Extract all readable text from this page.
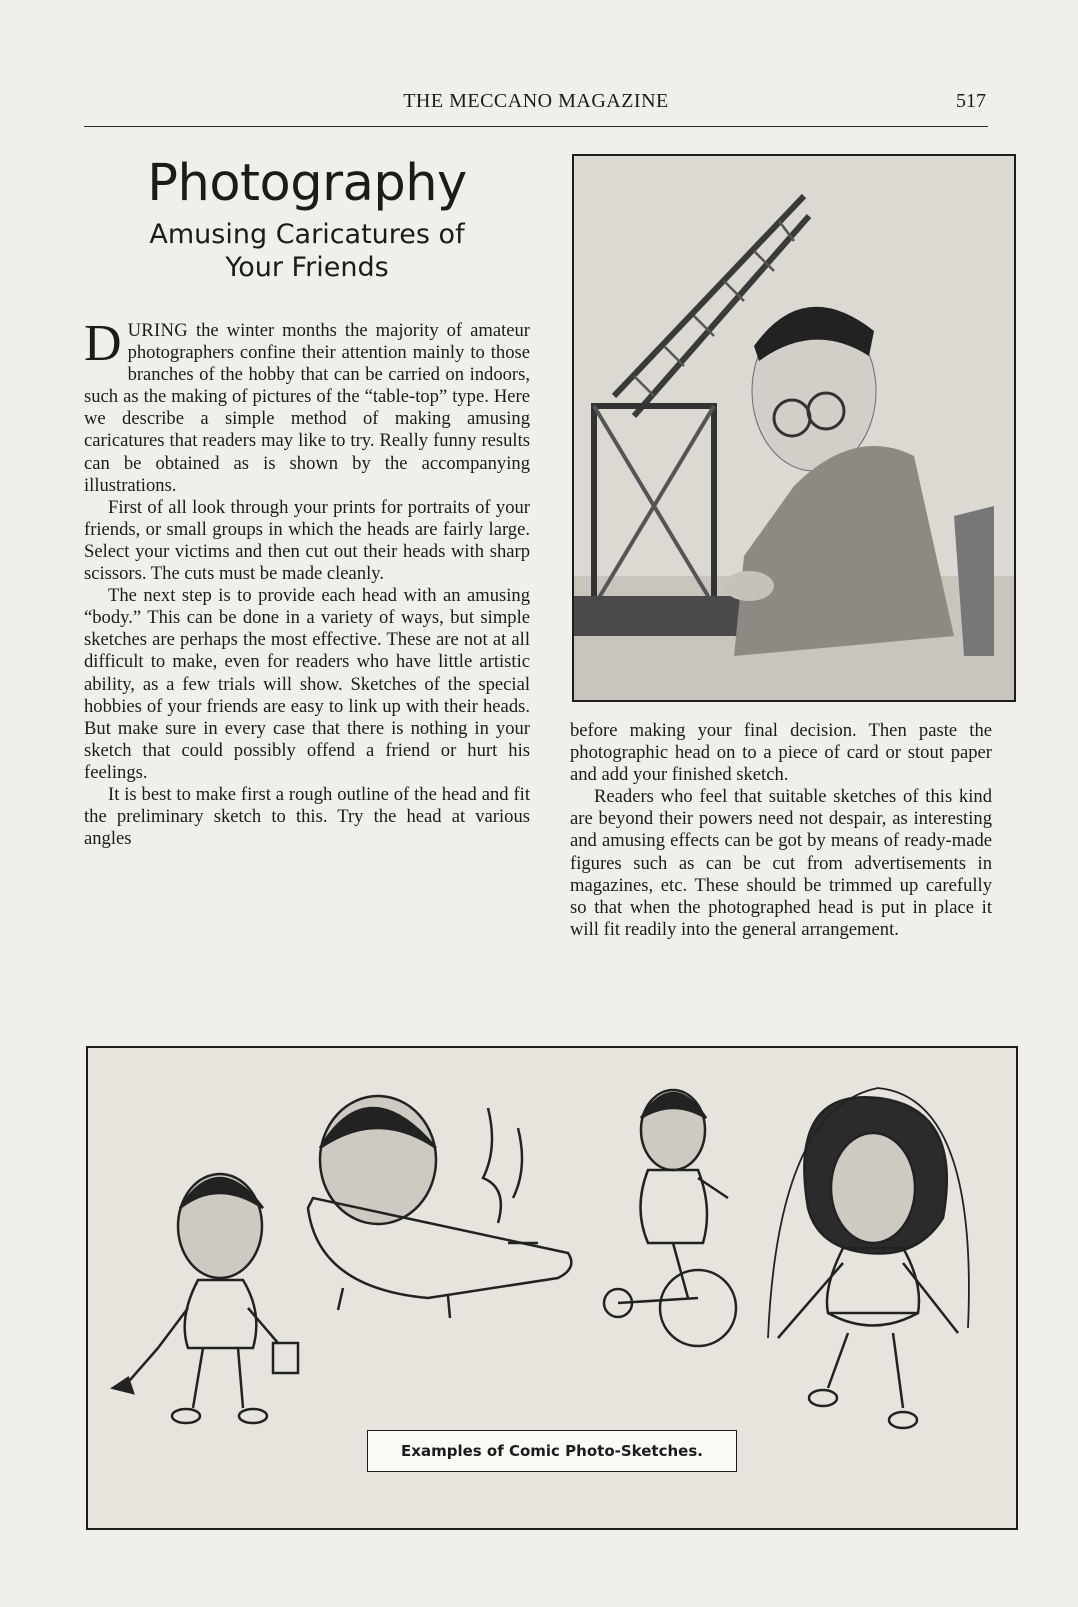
THE MECCANO MAGAZINE	517
Photography
Amusing Caricatures of
Your Friends

DURING the winter months the majority of amateur photographers confine their attention mainly to those branches of the hobby that can be carried on indoors, such as the making of pictures of the “table-top” type. Here we describe a simple method of making amusing caricatures that readers may like to try. Really funny results can be obtained as is shown by the accompanying illustrations.

First of all look through your prints for portraits of your friends, or small groups in which the heads are fairly large. Select your victims and then cut out their heads with sharp scissors. The cuts must be made cleanly.

The next step is to provide each head with an amusing “body.” This can be done in a variety of ways, but simple sketches are perhaps the most effective. These are not at all difficult to make, even for readers who have little artistic ability, as a few trials will show. Sketches of the special hobbies of your friends are easy to link up with their heads. But make sure in every case that there is nothing in your sketch that could possibly offend a friend or hurt his feelings.

It is best to make first a rough outline of the head and fit the preliminary sketch to this. Try the head at various angles

before making your final decision. Then paste the photographic head on to a piece of card or stout paper and add your finished sketch.

Readers who feel that suitable sketches of this kind are beyond their powers need not despair, as interesting and amusing effects can be got by means of ready-made figures such as can be cut from advertisements in magazines, etc. These should be trimmed up carefully so that when the photographed head is put in place it will fit readily into the general arrangement.

Examples of Comic Photo-Sketches.
